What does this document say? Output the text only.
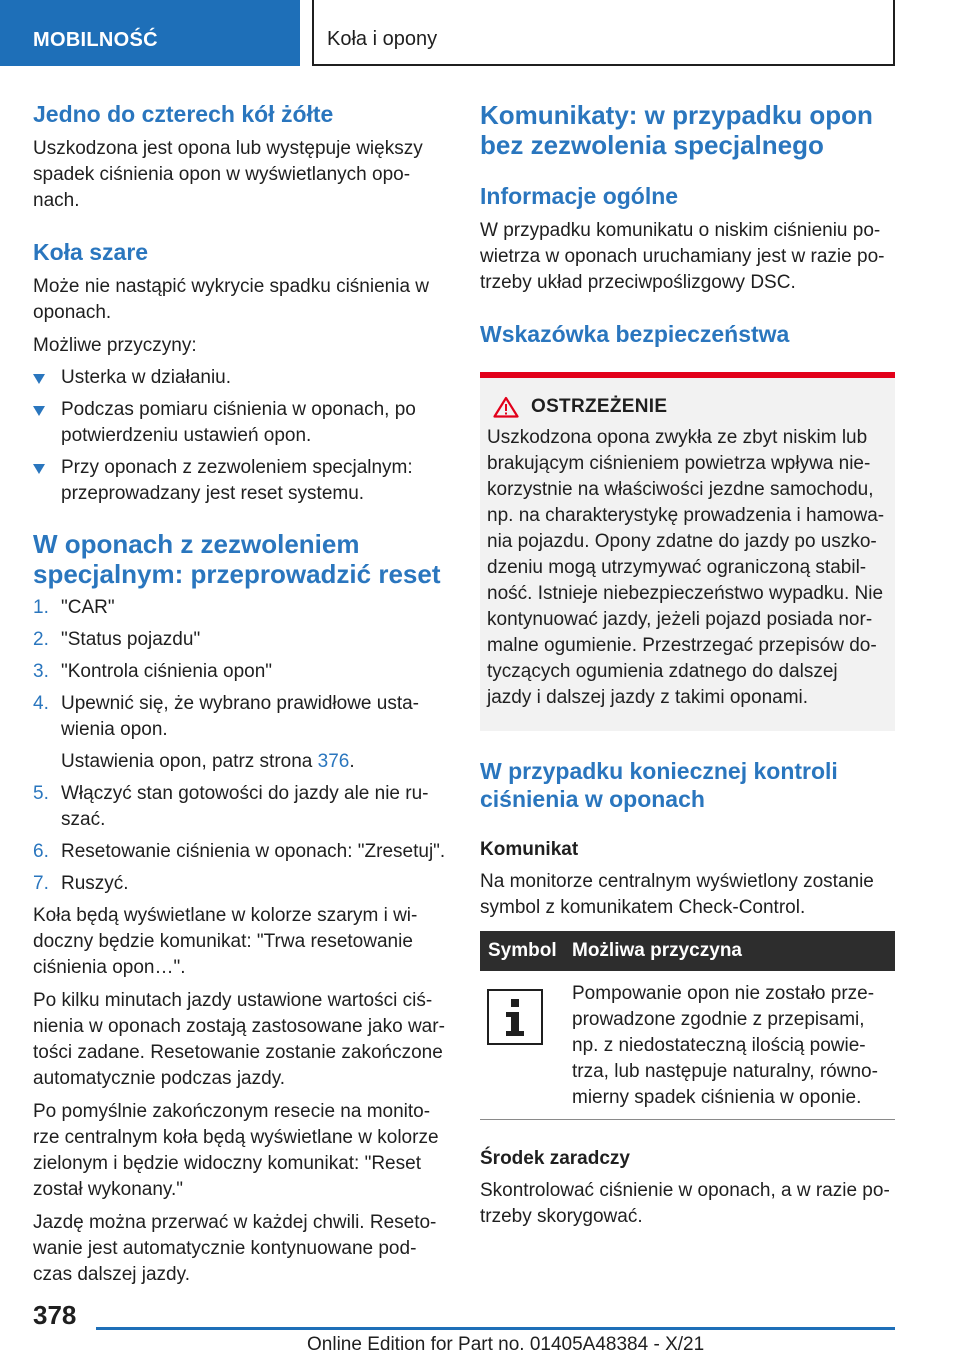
MOBILNOŚĆ	Koła i opony
Jedno do czterech kół żółte
Uszkodzona jest opona lub występuje większy spadek ciśnienia opon w wyświetlanych opo-nach.
Koła szare
Może nie nastąpić wykrycie spadku ciśnienia w oponach.
Możliwe przyczyny:
Usterka w działaniu.
Podczas pomiaru ciśnienia w oponach, po potwierdzeniu ustawień opon.
Przy oponach z zezwoleniem specjalnym: przeprowadzany jest reset systemu.
W oponach z zezwoleniem specjalnym: przeprowadzić reset
1. "CAR"
2. "Status pojazdu"
3. "Kontrola ciśnienia opon"
4. Upewnić się, że wybrano prawidłowe usta-wienia opon.
Ustawienia opon, patrz strona 376.
5. Włączyć stan gotowości do jazdy ale nie ru-szać.
6. Resetowanie ciśnienia w oponach: "Zresetuj".
7. Ruszyć.
Koła będą wyświetlane w kolorze szarym i wi-doczny będzie komunikat: "Trwa resetowanie ciśnienia opon…".
Po kilku minutach jazdy ustawione wartości ciś-nienia w oponach zostają zastosowane jako war-tości zadane. Resetowanie zostanie zakończone automatycznie podczas jazdy.
Po pomyślnie zakończonym resecie na monito-rze centralnym koła będą wyświetlane w kolorze zielonym i będzie widoczny komunikat: "Reset został wykonany."
Jazdę można przerwać w każdej chwili. Reseto-wanie jest automatycznie kontynuowane pod-czas dalszej jazdy.
Komunikaty: w przypadku opon bez zezwolenia specjalnego
Informacje ogólne
W przypadku komunikatu o niskim ciśnieniu po-wietrza w oponach uruchamiany jest w razie po-trzeby układ przeciwpoślizgowy DSC.
Wskazówka bezpieczeństwa
OSTRZEŻENIE
Uszkodzona opona zwykła ze zbyt niskim lub brakującym ciśnieniem powietrza wpływa nie-korzystnie na właściwości jezdne samochodu, np. na charakterystykę prowadzenia i hamowa-nia pojazdu. Opony zdatne do jazdy po uszko-dzeniu mogą utrzymywać ograniczoną stabil-ność. Istnieje niebezpieczeństwo wypadku. Nie kontynuować jazdy, jeżeli pojazd posiada nor-malne ogumienie. Przestrzegać przepisów do-tyczących ogumienia zdatnego do dalszej jazdy i dalszej jazdy z takimi oponami.
W przypadku koniecznej kontroli ciśnienia w oponach
Komunikat
Na monitorze centralnym wyświetlony zostanie symbol z komunikatem Check-Control.
Symbol Możliwa przyczyna
Pompowanie opon nie zostało prze-prowadzone zgodnie z przepisami, np. z niedostateczną ilością powie-trza, lub następuje naturalny, równo-mierny spadek ciśnienia w oponie.
Środek zaradczy
Skontrolować ciśnienie w oponach, a w razie po-trzeby skorygować.
378
Online Edition for Part no. 01405A48384 - X/21
